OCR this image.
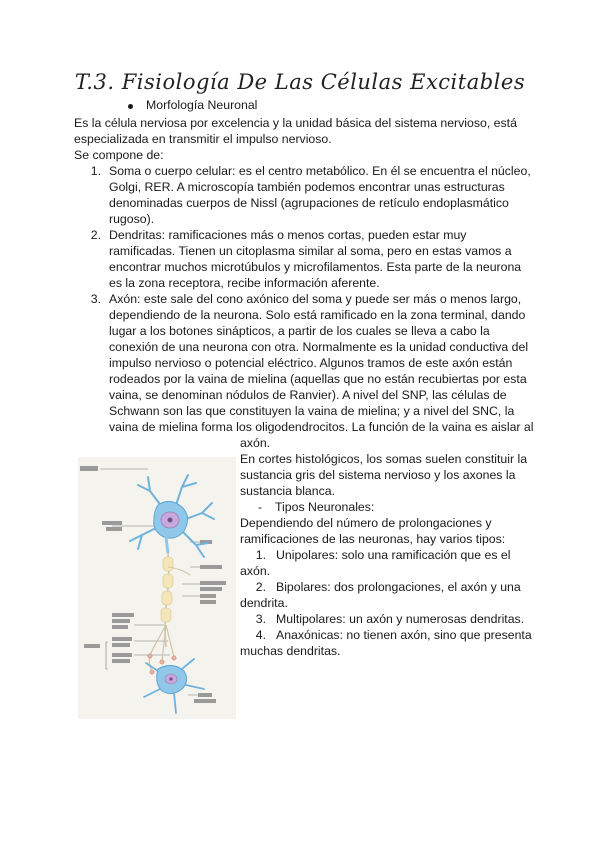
T.3. Fisiología De Las Células Excitables
Morfología Neuronal
Es la célula nerviosa por excelencia y la unidad básica del sistema nervioso, está
especializada en transmitir el impulso nervioso.
Se compone de:
1. Soma o cuerpo celular: es el centro metabólico. En él se encuentra el núcleo,
Golgi, RER. A microscopía también podemos encontrar unas estructuras
denominadas cuerpos de Nissl (agrupaciones de retículo endoplasmático
rugoso).
2. Dendritas: ramificaciones más o menos cortas, pueden estar muy
ramificadas. Tienen un citoplasma similar al soma, pero en estas vamos a
encontrar muchos microtúbulos y microfilamentos. Esta parte de la neurona
es la zona receptora, recibe información aferente.
3. Axón: este sale del cono axónico del soma y puede ser más o menos largo,
dependiendo de la neurona. Solo está ramificado en la zona terminal, dando
lugar a los botones sinápticos, a partir de los cuales se lleva a cabo la
conexión de una neurona con otra. Normalmente es la unidad conductiva del
impulso nervioso o potencial eléctrico. Algunos tramos de este axón están
rodeados por la vaina de mielina (aquellas que no están recubiertas por esta
vaina, se denominan nódulos de Ranvier). A nivel del SNP, las células de
Schwann son las que constituyen la vaina de mielina; y a nivel del SNC, la
vaina de mielina forma los oligodendrocitos. La función de la vaina es aislar al
axón.
En cortes histológicos, los somas suelen constituir la
sustancia gris del sistema nervioso y los axones la
sustancia blanca.
- Tipos Neuronales:
Dependiendo del número de prolongaciones y
ramificaciones de las neuronas, hay varios tipos:
1. Unipolares: solo una ramificación que es el
axón.
2. Bipolares: dos prolongaciones, el axón y una
dendrita.
3. Multipolares: un axón y numerosas dendritas.
4. Anaxónicas: no tienen axón, sino que presenta
muchas dendritas.
